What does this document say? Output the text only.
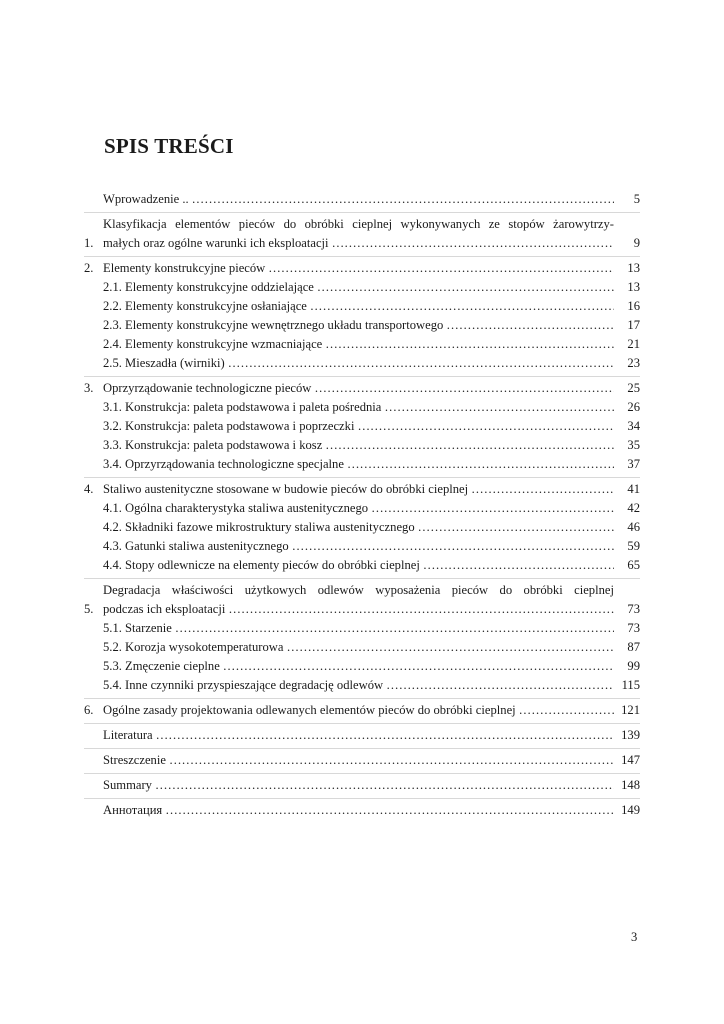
SPIS TREŚCI
Wprowadzenie .. ………………………………………………………………………………………………………………………………………………………………………………	5
1.
Klasyfikacja elementów pieców do obróbki cieplnej wykonywanych ze stopów żarowytrzy-
małych oraz ogólne warunki ich eksploatacji ………………………………………………………………………………………………………………………………………………………………………………	9
2. Elementy konstrukcyjne pieców ………………………………………………………………………………………………………………………………………………………………………………	13
2.1. Elementy konstrukcyjne oddzielające ………………………………………………………………………………………………………………………………………………………………………………	13
2.2. Elementy konstrukcyjne osłaniające ………………………………………………………………………………………………………………………………………………………………………………	16
2.3. Elementy konstrukcyjne wewnętrznego układu transportowego ………………………………………………………………………………………………………………………………………………………………………………	17
2.4. Elementy konstrukcyjne wzmacniające ………………………………………………………………………………………………………………………………………………………………………………	21
2.5. Mieszadła (wirniki) ………………………………………………………………………………………………………………………………………………………………………………	23
3. Oprzyrządowanie technologiczne pieców ………………………………………………………………………………………………………………………………………………………………………………	25
3.1. Konstrukcja: paleta podstawowa i paleta pośrednia ………………………………………………………………………………………………………………………………………………………………………………	26
3.2. Konstrukcja: paleta podstawowa i poprzeczki ………………………………………………………………………………………………………………………………………………………………………………	34
3.3. Konstrukcja: paleta podstawowa i kosz ………………………………………………………………………………………………………………………………………………………………………………	35
3.4. Oprzyrządowania technologiczne specjalne ………………………………………………………………………………………………………………………………………………………………………………	37
4. Staliwo austenityczne stosowane w budowie pieców do obróbki cieplnej ………………………………………………………………………………………………………………………………………………………………………………	41
4.1. Ogólna charakterystyka staliwa austenitycznego ………………………………………………………………………………………………………………………………………………………………………………	42
4.2. Składniki fazowe mikrostruktury staliwa austenitycznego ………………………………………………………………………………………………………………………………………………………………………………	46
4.3. Gatunki staliwa austenitycznego ………………………………………………………………………………………………………………………………………………………………………………	59
4.4. Stopy odlewnicze na elementy pieców do obróbki cieplnej ………………………………………………………………………………………………………………………………………………………………………………	65
5.
Degradacja właściwości użytkowych odlewów wyposażenia pieców do obróbki cieplnej
podczas ich eksploatacji ………………………………………………………………………………………………………………………………………………………………………………	73
5.1. Starzenie ………………………………………………………………………………………………………………………………………………………………………………	73
5.2. Korozja wysokotemperaturowa ………………………………………………………………………………………………………………………………………………………………………………	87
5.3. Zmęczenie cieplne ………………………………………………………………………………………………………………………………………………………………………………	99
5.4. Inne czynniki przyspieszające degradację odlewów ………………………………………………………………………………………………………………………………………………………………………………	115
6. Ogólne zasady projektowania odlewanych elementów pieców do obróbki cieplnej ………………………………………………………………………………………………………………………………………………………………………………	121
Literatura ………………………………………………………………………………………………………………………………………………………………………………	139
Streszczenie ………………………………………………………………………………………………………………………………………………………………………………	147
Summary ………………………………………………………………………………………………………………………………………………………………………………	148
Аннотация ………………………………………………………………………………………………………………………………………………………………………………	149
3
